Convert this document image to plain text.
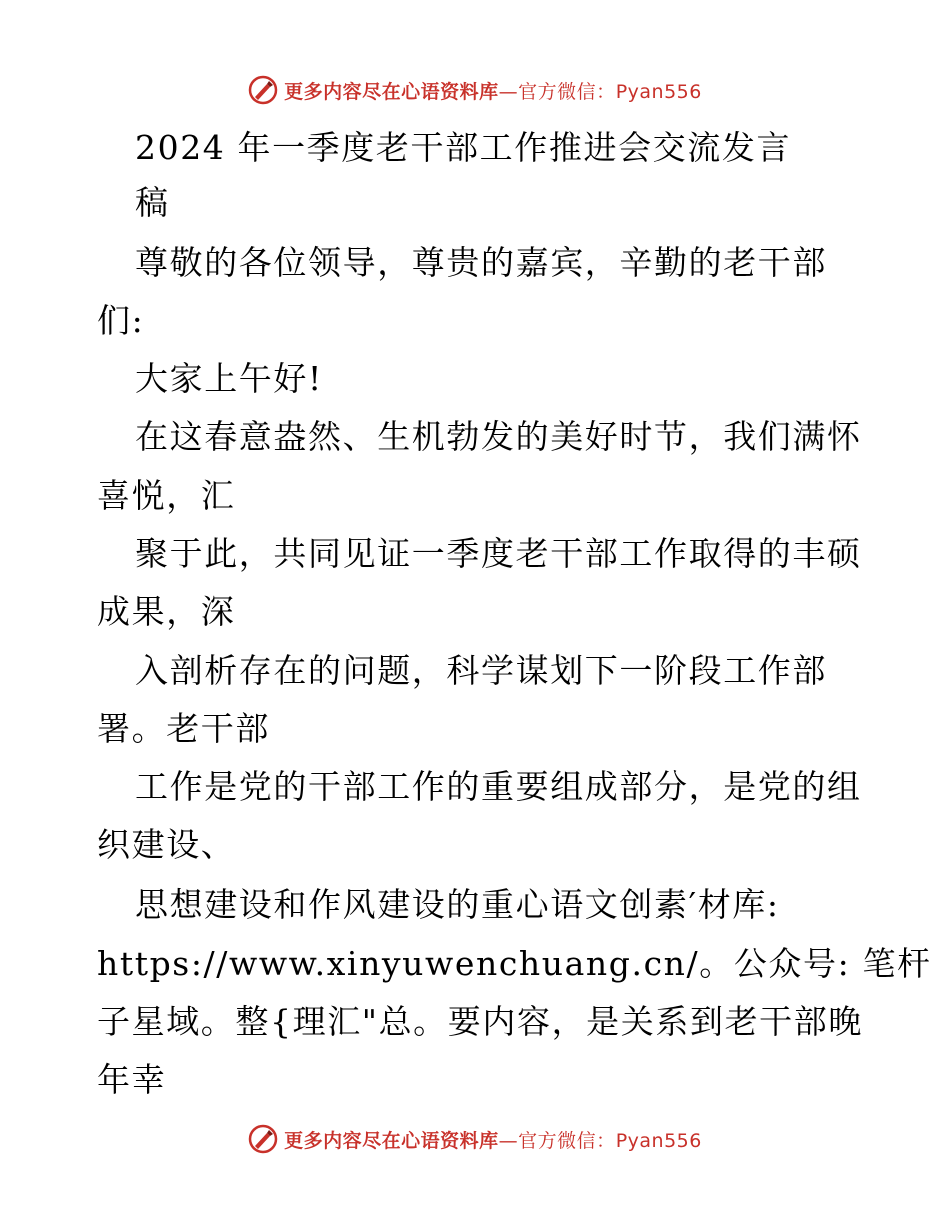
更多内容尽在心语资料库—官方微信：Pyan556
2024 年一季度老干部工作推进会交流发言
稿
尊敬的各位领导，尊贵的嘉宾，辛勤的老干部
们:
大家上午好!
在这春意盎然、生机勃发的美好时节，我们满怀
喜悦，汇
聚于此，共同见证一季度老干部工作取得的丰硕
成果，深
入剖析存在的问题，科学谋划下一阶段工作部
署。老干部
工作是党的干部工作的重要组成部分，是党的组
织建设、
思想建设和作风建设的重心语文创素′材库:
https://www.xinyuwenchuang.cn/。公众号: 笔杆
子星域。整{理汇"总。要内容，是关系到老干部晚
年幸
更多内容尽在心语资料库—官方微信：Pyan556
